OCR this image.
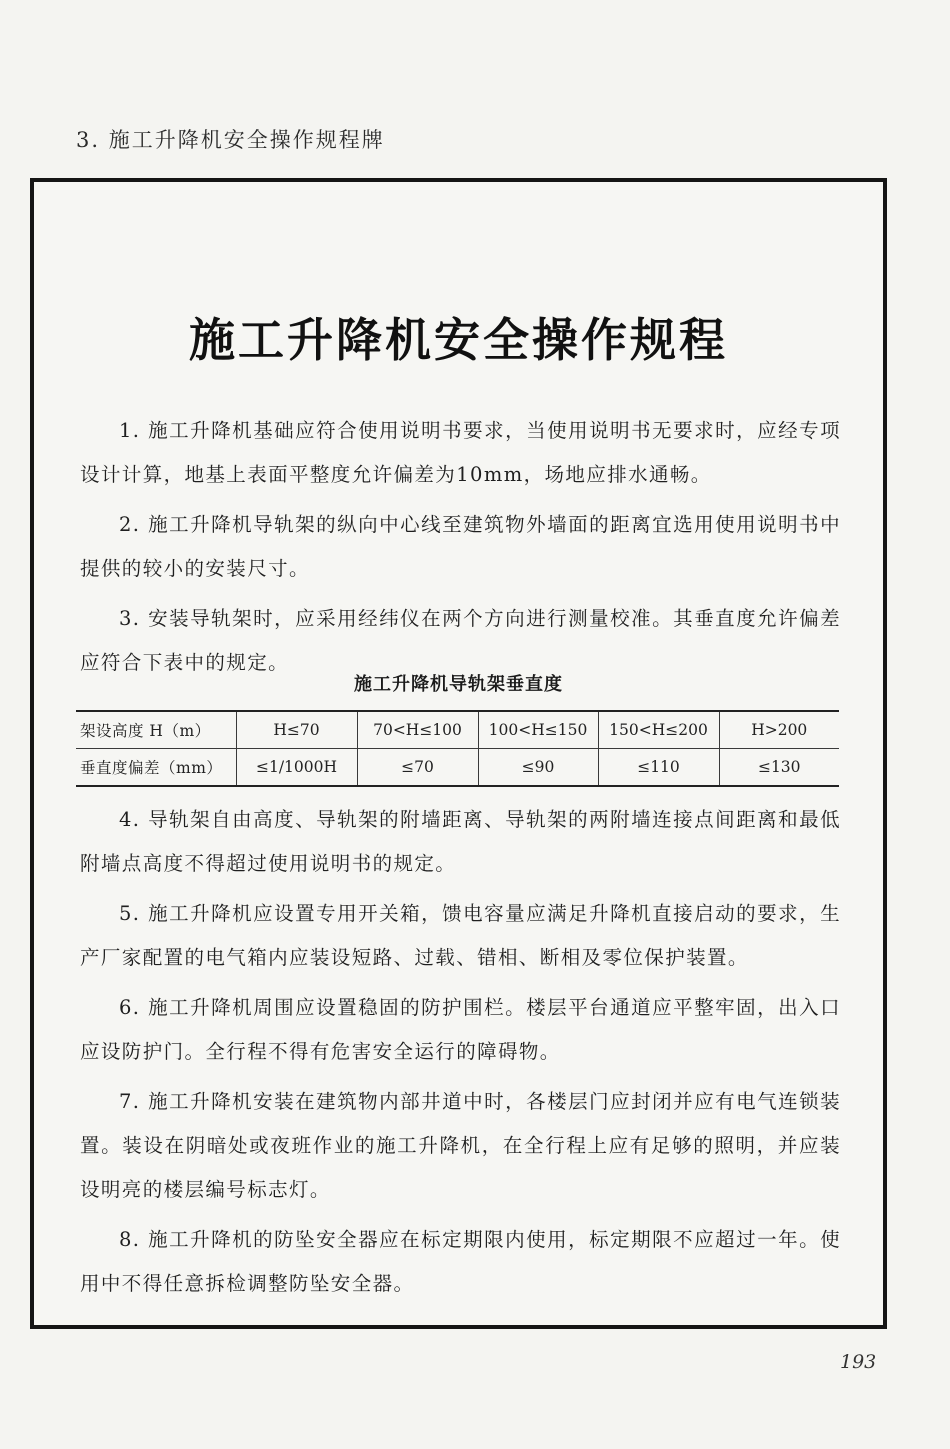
3. 施工升降机安全操作规程牌
施工升降机安全操作规程

1. 施工升降机基础应符合使用说明书要求，当使用说明书无要求时，应经专项设计计算，地基上表面平整度允许偏差为10mm，场地应排水通畅。

2. 施工升降机导轨架的纵向中心线至建筑物外墙面的距离宜选用使用说明书中提供的较小的安装尺寸。

3. 安装导轨架时，应采用经纬仪在两个方向进行测量校准。其垂直度允许偏差应符合下表中的规定。

施工升降机导轨架垂直度
架设高度 H（m）	H≤70	70<H≤100	100<H≤150	150<H≤200	H>200
垂直度偏差（mm）	≤1/1000H	≤70	≤90	≤110	≤130

4. 导轨架自由高度、导轨架的附墙距离、导轨架的两附墙连接点间距离和最低附墙点高度不得超过使用说明书的规定。

5. 施工升降机应设置专用开关箱，馈电容量应满足升降机直接启动的要求，生产厂家配置的电气箱内应装设短路、过载、错相、断相及零位保护装置。

6. 施工升降机周围应设置稳固的防护围栏。楼层平台通道应平整牢固，出入口应设防护门。全行程不得有危害安全运行的障碍物。

7. 施工升降机安装在建筑物内部井道中时，各楼层门应封闭并应有电气连锁装置。装设在阴暗处或夜班作业的施工升降机，在全行程上应有足够的照明，并应装设明亮的楼层编号标志灯。

8. 施工升降机的防坠安全器应在标定期限内使用，标定期限不应超过一年。使用中不得任意拆检调整防坠安全器。

193
